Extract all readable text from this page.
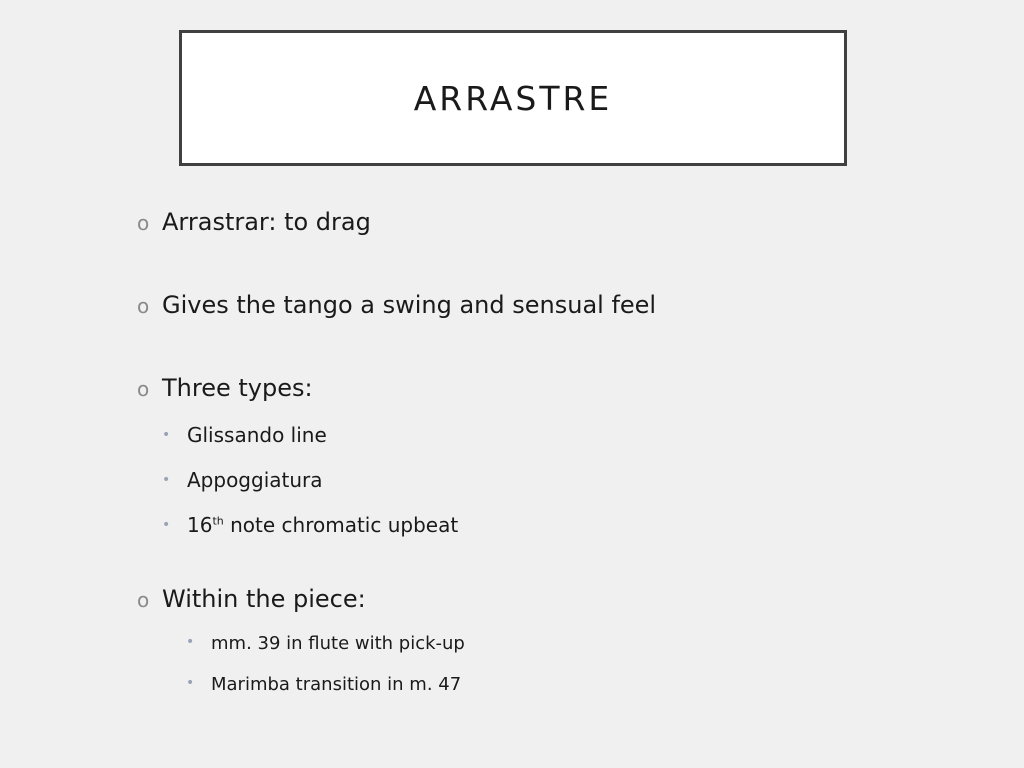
ARRASTRE
o Arrastrar: to drag
o Gives the tango a swing and sensual feel
o Three types:
• Glissando line
• Appoggiatura
• 16th note chromatic upbeat
o Within the piece:
• mm. 39 in flute with pick-up
• Marimba transition in m. 47
